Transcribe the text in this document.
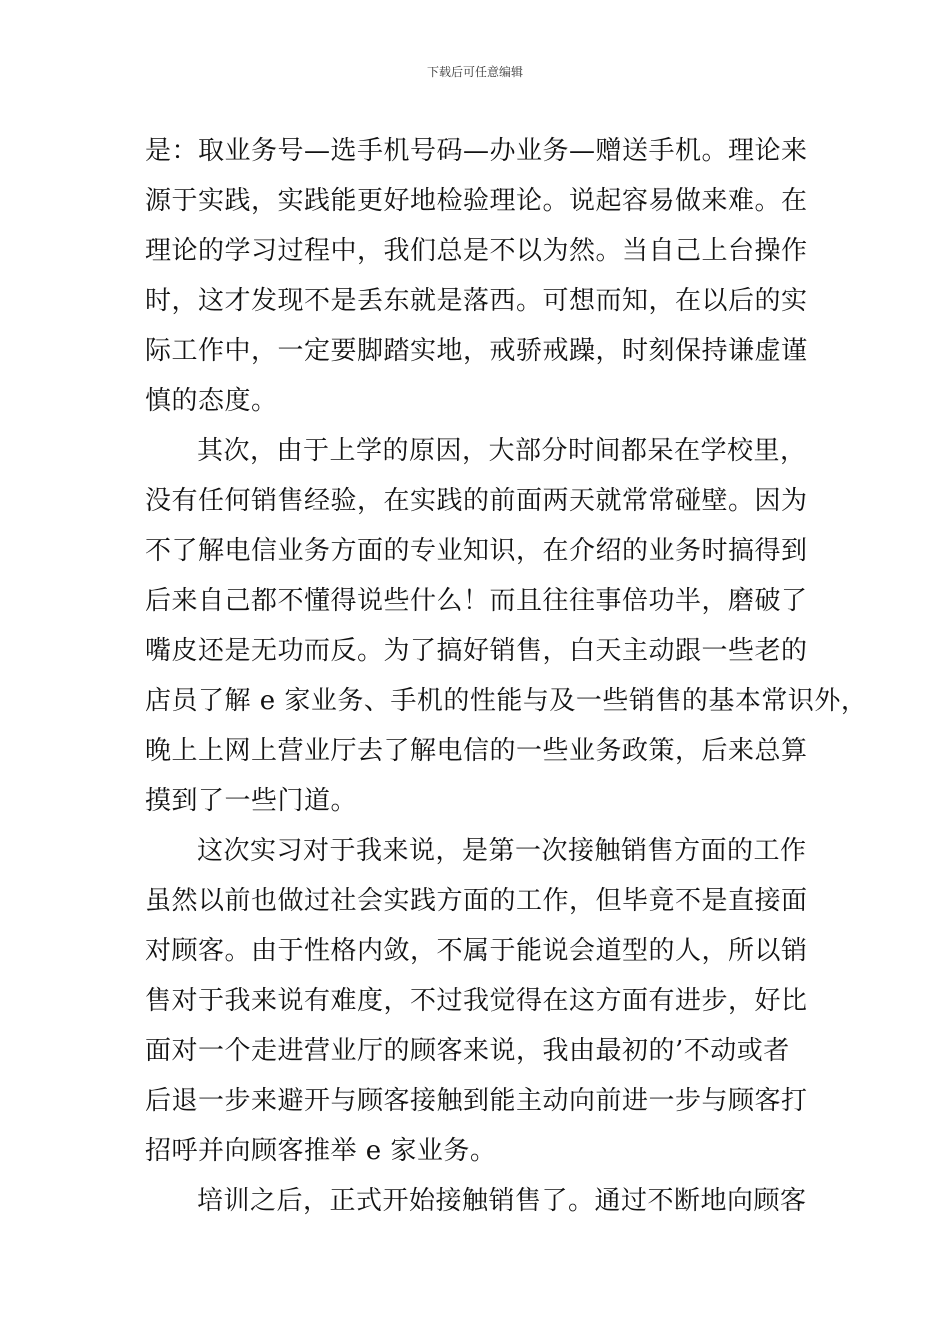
下载后可任意编辑
是：取业务号—选手机号码—办业务—赠送手机。理论来
源于实践，实践能更好地检验理论。说起容易做来难。在
理论的学习过程中，我们总是不以为然。当自己上台操作
时，这才发现不是丢东就是落西。可想而知，在以后的实
际工作中，一定要脚踏实地，戒骄戒躁，时刻保持谦虚谨
慎的态度。
其次，由于上学的原因，大部分时间都呆在学校里，
没有任何销售经验，在实践的前面两天就常常碰壁。因为
不了解电信业务方面的专业知识，在介绍的业务时搞得到
后来自己都不懂得说些什么！而且往往事倍功半，磨破了
嘴皮还是无功而反。为了搞好销售，白天主动跟一些老的
店员了解 e 家业务、手机的性能与及一些销售的基本常识外，
晚上上网上营业厅去了解电信的一些业务政策，后来总算
摸到了一些门道。
这次实习对于我来说，是第一次接触销售方面的工作
虽然以前也做过社会实践方面的工作，但毕竟不是直接面
对顾客。由于性格内敛，不属于能说会道型的人，所以销
售对于我来说有难度，不过我觉得在这方面有进步，好比
面对一个走进营业厅的顾客来说，我由最初的’不动或者
后退一步来避开与顾客接触到能主动向前进一步与顾客打
招呼并向顾客推举 e 家业务。
培训之后，正式开始接触销售了。通过不断地向顾客
